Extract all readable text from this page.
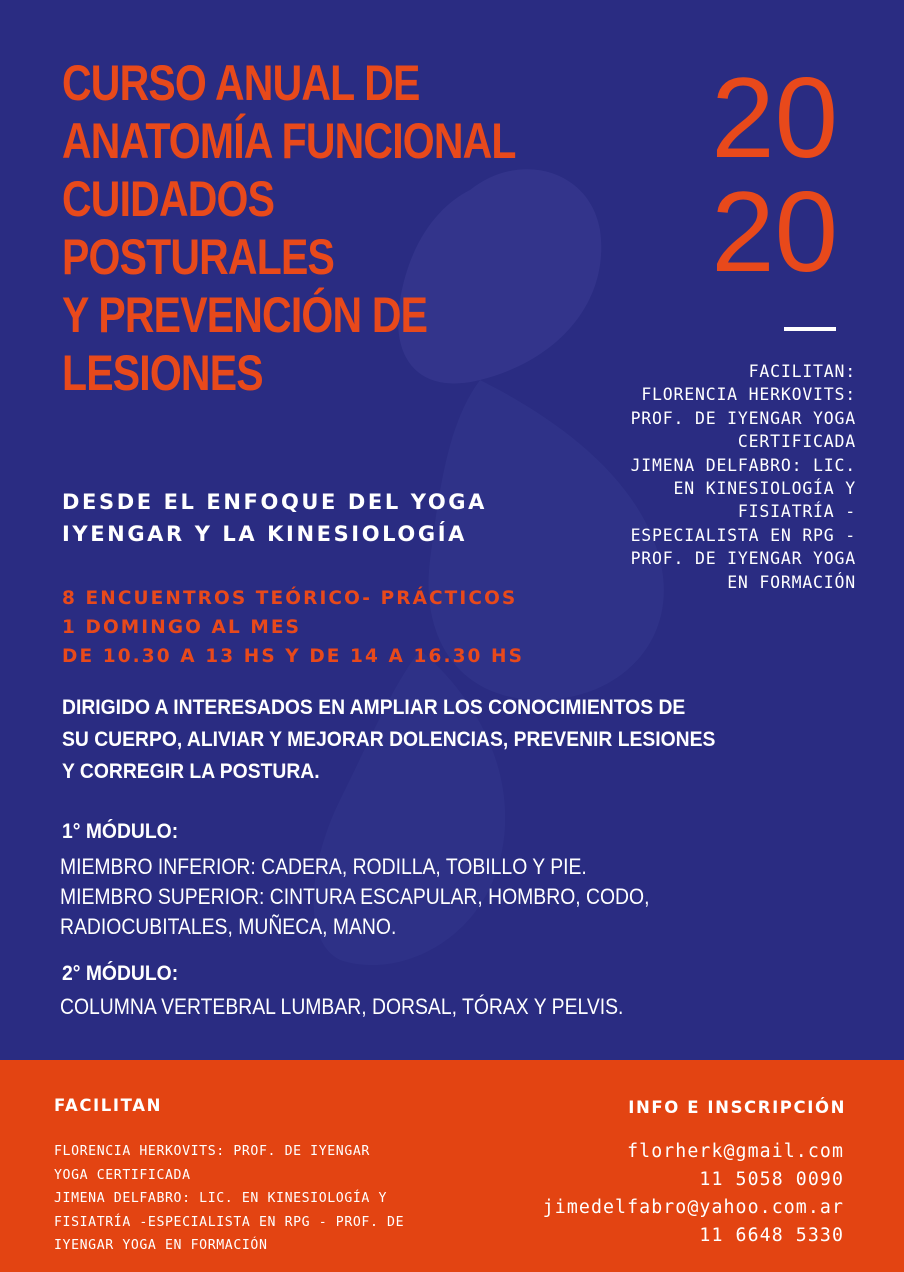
CURSO ANUAL DE
ANATOMÍA FUNCIONAL
CUIDADOS
POSTURALES
Y PREVENCIÓN DE
LESIONES
20
20
FACILITAN:
FLORENCIA HERKOVITS:
PROF. DE IYENGAR YOGA
CERTIFICADA
JIMENA DELFABRO: LIC.
EN KINESIOLOGÍA Y
FISIATRÍA -
ESPECIALISTA EN RPG -
PROF. DE IYENGAR YOGA
EN FORMACIÓN
DESDE EL ENFOQUE DEL YOGA
IYENGAR Y LA KINESIOLOGÍA
8 ENCUENTROS TEÓRICO- PRÁCTICOS
1 DOMINGO AL MES
DE 10.30 A 13 HS Y DE 14 A 16.30 HS
DIRIGIDO A INTERESADOS EN AMPLIAR LOS CONOCIMIENTOS DE
SU CUERPO, ALIVIAR Y MEJORAR DOLENCIAS, PREVENIR LESIONES
Y CORREGIR LA POSTURA.
1° MÓDULO:
MIEMBRO INFERIOR: CADERA, RODILLA, TOBILLO Y PIE.
MIEMBRO SUPERIOR: CINTURA ESCAPULAR, HOMBRO, CODO,
RADIOCUBITALES, MUÑECA, MANO.
2° MÓDULO:
COLUMNA VERTEBRAL LUMBAR, DORSAL, TÓRAX Y PELVIS.
FACILITAN
FLORENCIA HERKOVITS: PROF. DE IYENGAR
YOGA CERTIFICADA
JIMENA DELFABRO: LIC. EN KINESIOLOGÍA Y
FISIATRÍA -ESPECIALISTA EN RPG - PROF. DE
IYENGAR YOGA EN FORMACIÓN
INFO E INSCRIPCIÓN
florherk@gmail.com
11 5058 0090
jimedelfabro@yahoo.com.ar
11 6648 5330
